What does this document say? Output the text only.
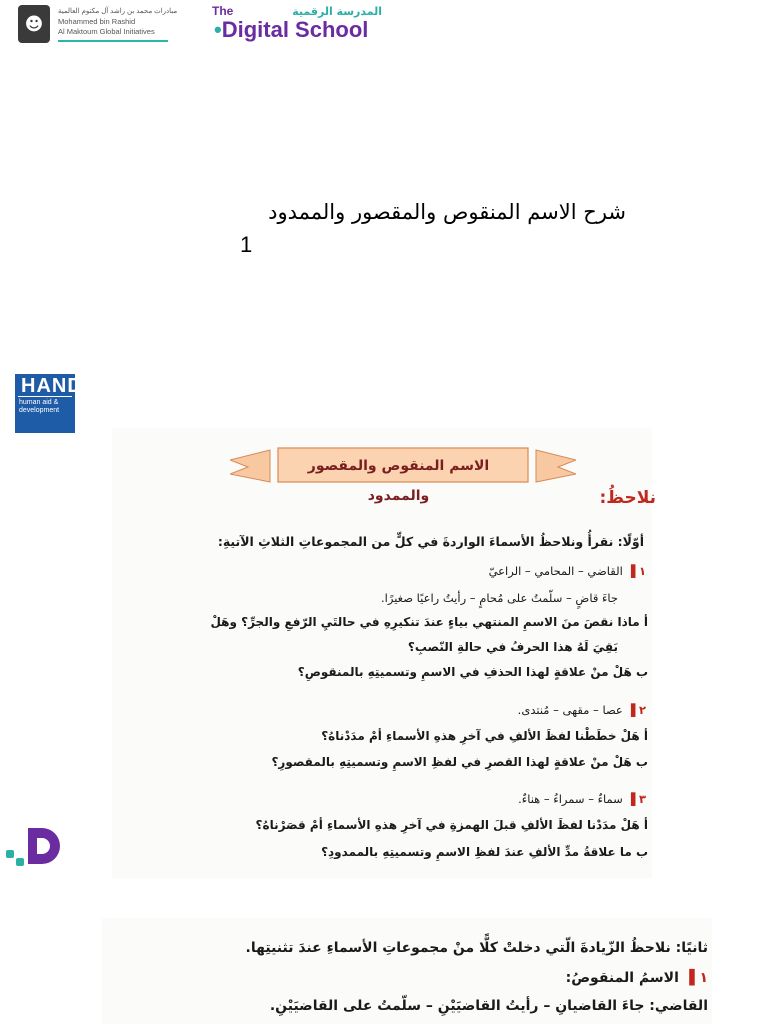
☻
مبادرات محمد بن راشد آل مكتوم العالمية
Mohammed bin Rashid
Al Maktoum Global Initiatives
The	المدرسة الرقمية
•Digital School
شرح الاسم المنقوص والمقصور والممدود
1
HAND
human aid & development
الاسم المنقوص والمقصور والممدود	نلاحظُ:
أوّلًا: نقرأُ ونلاحظُ الأسماءَ الواردةَ في كلٍّ من المجموعاتِ الثلاثِ الآتيةِ:
١ ▐ القاضي – المحامي – الراعيّ
جاءَ قاضٍ – سلّمتُ على مُحامٍ – رأيتُ راعيًا صغيرًا.
أ ماذا نقصَ منَ الاسمِ المنتهي بياءٍ عندَ تنكيرِهِ في حالتَيِ الرّفعِ والجرِّ؟ وهَلْ
بَقِيَ لَهُ هذا الحرفُ في حالةِ النّصبِ؟
ب هَلْ منْ علاقةٍ لهذا الحذفِ في الاسمِ وتسميتِهِ بالمنقوصِ؟
٢ ▐ عصا – مقهى – مُنتدى.
أ هَلْ خطَطْنا لفظَ الألفِ في آخرِ هذهِ الأسماءِ أمْ مدَدْناهُ؟
ب هَلْ منْ علاقةٍ لهذا القصرِ في لفظِ الاسمِ وتسميتِهِ بالمقصورِ؟
٣ ▐ سماءٌ – سمراءُ – هناءٌ.
أ هَلْ مدَدْنا لفظَ الألفِ قبلَ الهمزةِ في آخرِ هذهِ الأسماءِ أمْ قصَرْناهُ؟
ب ما علاقةُ مدِّ الألفِ عندَ لفظِ الاسمِ وتسميتِهِ بالممدودِ؟
ثانيًا: نلاحظُ الزّيادةَ الّتي دخلتْ كلًّا منْ مجموعاتِ الأسماءِ عندَ تثنيتِها.
١ ▐ الاسمُ المنقوصُ:
القاضي: جاءَ القاضيانِ – رأيتُ القاضيَيْنِ – سلّمتُ على القاضيَيْنِ.
